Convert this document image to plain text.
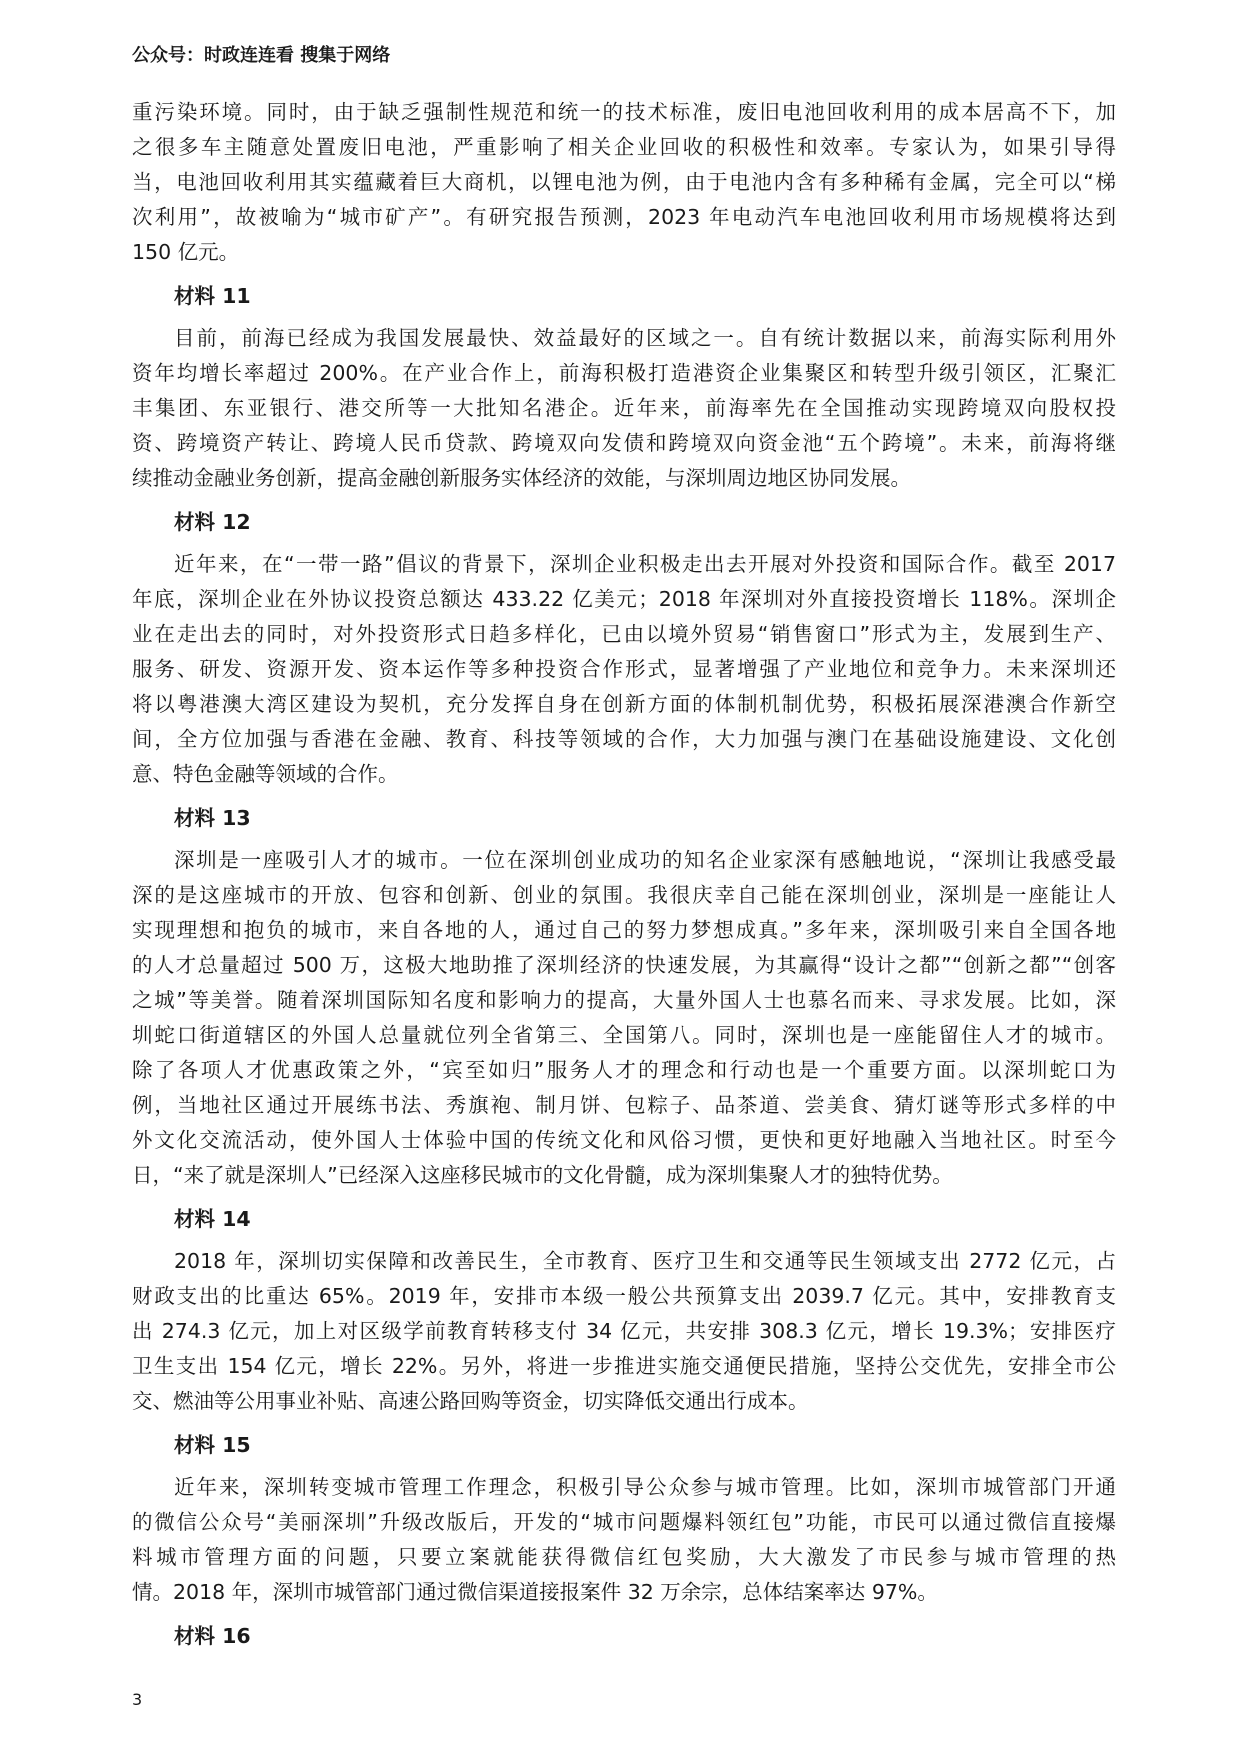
公众号：时政连连看 搜集于网络
重污染环境。同时，由于缺乏强制性规范和统一的技术标准，废旧电池回收利用的成本居高不下，加
之很多车主随意处置废旧电池，严重影响了相关企业回收的积极性和效率。专家认为，如果引导得
当，电池回收利用其实蕴藏着巨大商机，以锂电池为例，由于电池内含有多种稀有金属，完全可以“梯
次利用”，故被喻为“城市矿产”。有研究报告预测，2023 年电动汽车电池回收利用市场规模将达到
150 亿元。
材料 11
目前，前海已经成为我国发展最快、效益最好的区域之一。自有统计数据以来，前海实际利用外
资年均增长率超过 200%。在产业合作上，前海积极打造港资企业集聚区和转型升级引领区，汇聚汇
丰集团、东亚银行、港交所等一大批知名港企。近年来，前海率先在全国推动实现跨境双向股权投
资、跨境资产转让、跨境人民币贷款、跨境双向发债和跨境双向资金池“五个跨境”。未来，前海将继
续推动金融业务创新，提高金融创新服务实体经济的效能，与深圳周边地区协同发展。
材料 12
近年来，在“一带一路”倡议的背景下，深圳企业积极走出去开展对外投资和国际合作。截至 2017
年底，深圳企业在外协议投资总额达 433.22 亿美元；2018 年深圳对外直接投资增长 118%。深圳企
业在走出去的同时，对外投资形式日趋多样化，已由以境外贸易“销售窗口”形式为主，发展到生产、
服务、研发、资源开发、资本运作等多种投资合作形式，显著增强了产业地位和竞争力。未来深圳还
将以粤港澳大湾区建设为契机，充分发挥自身在创新方面的体制机制优势，积极拓展深港澳合作新空
间，全方位加强与香港在金融、教育、科技等领域的合作，大力加强与澳门在基础设施建设、文化创
意、特色金融等领域的合作。
材料 13
深圳是一座吸引人才的城市。一位在深圳创业成功的知名企业家深有感触地说，“深圳让我感受最
深的是这座城市的开放、包容和创新、创业的氛围。我很庆幸自己能在深圳创业，深圳是一座能让人
实现理想和抱负的城市，来自各地的人，通过自己的努力梦想成真。”多年来，深圳吸引来自全国各地
的人才总量超过 500 万，这极大地助推了深圳经济的快速发展，为其赢得“设计之都”“创新之都”“创客
之城”等美誉。随着深圳国际知名度和影响力的提高，大量外国人士也慕名而来、寻求发展。比如，深
圳蛇口街道辖区的外国人总量就位列全省第三、全国第八。同时，深圳也是一座能留住人才的城市。
除了各项人才优惠政策之外，“宾至如归”服务人才的理念和行动也是一个重要方面。以深圳蛇口为
例，当地社区通过开展练书法、秀旗袍、制月饼、包粽子、品茶道、尝美食、猜灯谜等形式多样的中
外文化交流活动，使外国人士体验中国的传统文化和风俗习惯，更快和更好地融入当地社区。时至今
日，“来了就是深圳人”已经深入这座移民城市的文化骨髓，成为深圳集聚人才的独特优势。
材料 14
2018 年，深圳切实保障和改善民生，全市教育、医疗卫生和交通等民生领域支出 2772 亿元，占
财政支出的比重达 65%。2019 年，安排市本级一般公共预算支出 2039.7 亿元。其中，安排教育支
出 274.3 亿元，加上对区级学前教育转移支付 34 亿元，共安排 308.3 亿元，增长 19.3%；安排医疗
卫生支出 154 亿元，增长 22%。另外，将进一步推进实施交通便民措施，坚持公交优先，安排全市公
交、燃油等公用事业补贴、高速公路回购等资金，切实降低交通出行成本。
材料 15
近年来，深圳转变城市管理工作理念，积极引导公众参与城市管理。比如，深圳市城管部门开通
的微信公众号“美丽深圳”升级改版后，开发的“城市问题爆料领红包”功能，市民可以通过微信直接爆
料城市管理方面的问题，只要立案就能获得微信红包奖励，大大激发了市民参与城市管理的热
情。2018 年，深圳市城管部门通过微信渠道接报案件 32 万余宗，总体结案率达 97%。
材料 16
3
